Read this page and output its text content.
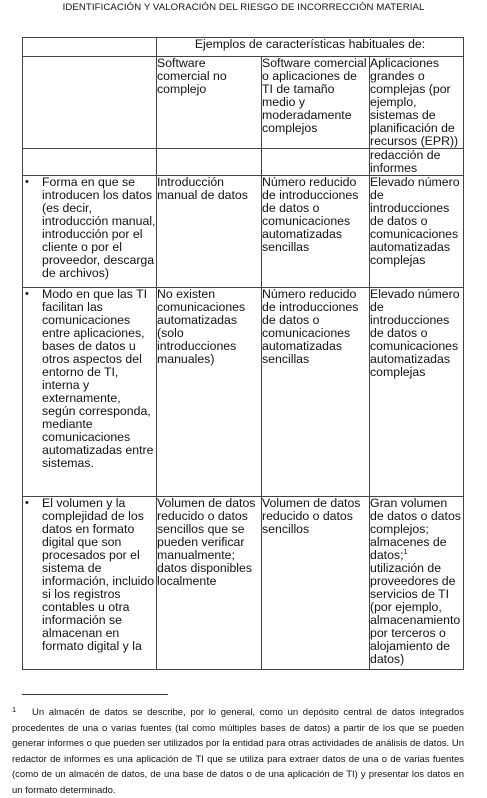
IDENTIFICACIÓN Y VALORACIÓN DEL RIESGO DE INCORRECCIÓN MATERIAL
	Ejemplos de características habituales de:		
	Software comercial no complejo	Software comercial o aplicaciones de TI de tamaño medio y moderadamente complejos	Aplicaciones grandes o complejas (por ejemplo, sistemas de planificación de recursos (EPR))
			redacción de informes

• Forma en que se introducen los datos (es decir, introducción manual, introducción por el cliente o por el proveedor, descarga de archivos)	Introducción manual de datos	Número reducido de introducciones de datos o comunicaciones automatizadas sencillas	Elevado número de introducciones de datos o comunicaciones automatizadas complejas

• Modo en que las TI facilitan las comunicaciones entre aplicaciones, bases de datos u otros aspectos del entorno de TI, interna y externamente, según corresponda, mediante comunicaciones automatizadas entre sistemas.	No existen comunicaciones automatizadas (solo introducciones manuales)	Número reducido de introducciones de datos o comunicaciones automatizadas sencillas	Elevado número de introducciones de datos o comunicaciones automatizadas complejas

• El volumen y la complejidad de los datos en formato digital que son procesados por el sistema de información, incluido si los registros contables u otra información se almacenan en formato digital y la	Volumen de datos reducido o datos sencillos que se pueden verificar manualmente; datos disponibles localmente	Volumen de datos reducido o datos sencillos	Gran volumen de datos o datos complejos; almacenes de datos;$^1$ utilización de proveedores de servicios de TI (por ejemplo, almacenamiento por terceros o alojamiento de datos)
1 Un almacén de datos se describe, por lo general, como un depósito central de datos integrados procedentes de una o varias fuentes (tal como múltiples bases de datos) a partir de los que se pueden generar informes o que pueden ser utilizados por la entidad para otras actividades de análisis de datos. Un redactor de informes es una aplicación de TI que se utiliza para extraer datos de una o de varias fuentes (como de un almacén de datos, de una base de datos o de una aplicación de TI) y presentar los datos en un formato determinado.
